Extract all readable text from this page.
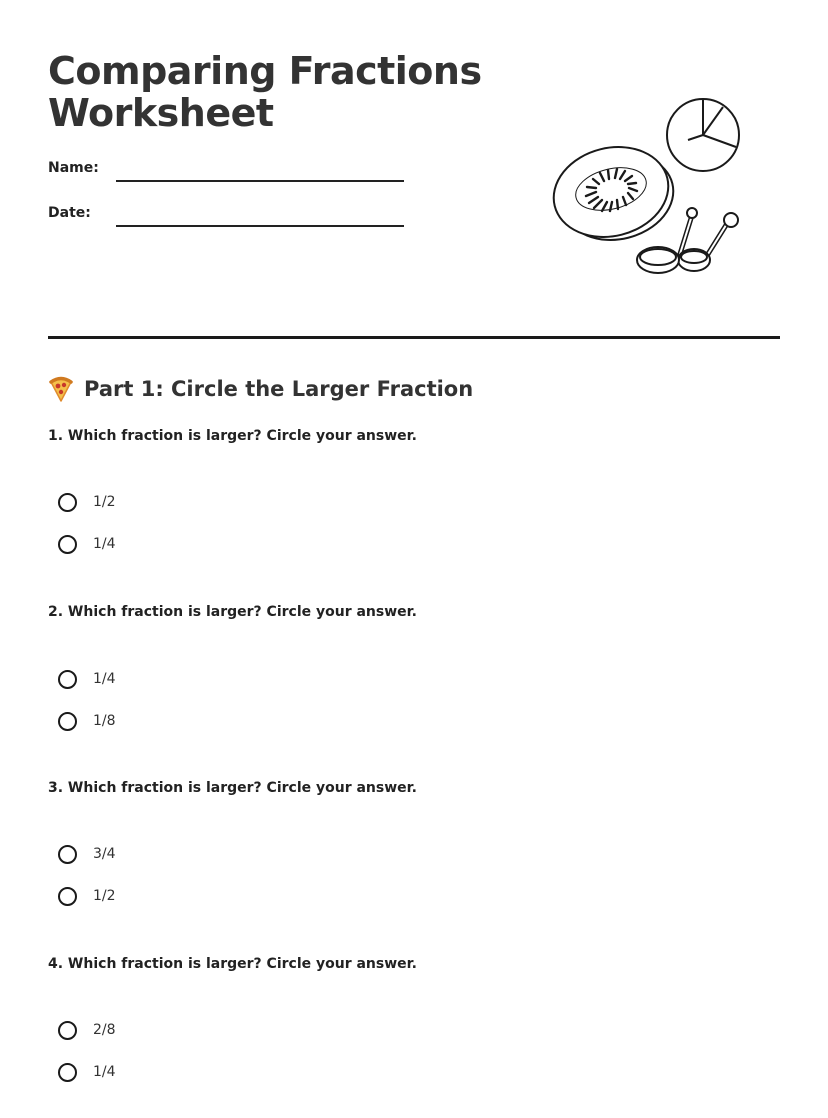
Comparing Fractions Worksheet
Name:
Date:
Part 1: Circle the Larger Fraction
1. Which fraction is larger? Circle your answer.
1/2
1/4
2. Which fraction is larger? Circle your answer.
1/4
1/8
3. Which fraction is larger? Circle your answer.
3/4
1/2
4. Which fraction is larger? Circle your answer.
2/8
1/4
